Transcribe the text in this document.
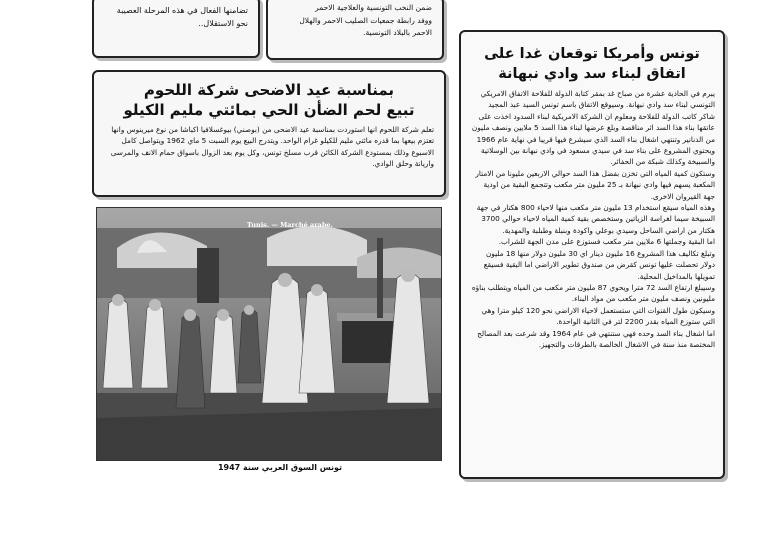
تضامنها الفعال في هذه المرحلة العصيبة

نحو الاستقلال..

ضمن النخب التونسية والعلاجية الاحمر

ووفد رابطة جمعيات الصليب الاحمر والهلال

الاحمر بالبلاد التونسية.

بمناسبة عيد الاضحى شركة اللحوم
تبيع لحم الضأن الحي بمائتي مليم الكيلو

تعلم شركة اللحوم انها استوردت بمناسبة عيد الاضحى من (بوصني) بيوغسلافيا اكباشا من نوع ميرينوس وانها تعتزم بيعها بما قدره مائتي مليم للكيلو غرام الواحد. ويتدرج البيع يوم السبت 5 ماي 1962 ويتواصل كامل الاسبوع وذلك بمستودع الشركة الكائن قرب مسلخ تونس، وكل يوم بعد الزوال باسواق حمام الانف والمرسى واريانة وحلق الوادي.

Tunis. — Marché arabe.
تونس السوق العربي سنة 1947
تونس وأمريكا توقعان غدا على
اتفاق لبناء سد وادي نبهانة

يبرم في الحادية عشرة من صباح غد بمقر كتابة الدولة للفلاحة الاتفاق الامريكي التونسي لبناء سد وادي نبهانة. وسيوقع الاتفاق باسم تونس السيد عبد المجيد شاكر كاتب الدولة للفلاحة ومعلوم ان الشركة الامريكية لبناء السدود اخذت على عاتقها بناء هذا السد اثر مناقصة وبلغ عرضها لبناء هذا السد 5 ملايين ونصف مليون من الدنانير وتنتهي اشغال بناء السد الذي سيشرع فيها قريبا في نهاية عام 1966 ويحتوي المشروع على بناء سد في سيدي مسعود في وادي نبهانة بين الوسلاتية والسبيخة وكذلك شبكة من الحفائر.

وستكون كمية المياه التي تخزن بفضل هذا السد حوالي الاربعين مليونا من الامتار المكعبة يسهم فيها وادي نبهانة بـ 25 مليون متر مكعب وتتجمع البقية من اودية جهة القيروان الاخرى.

وهذه المياه سيقع استخدام 13 مليون متر مكعب منها لاحياء 800 هكتار في جهة السبيخة سيما لغراسة الزياتين وستخصص بقية كمية المياه لاحياء حوالي 3700 هكتار من اراضي الساحل وسيدي بوعلي واكودة وبنبلة وطبلبة والمهدية.

اما البقية وجملتها 6 ملايين متر مكعب فستوزع على مدن الجهة للشراب.

وتبلغ تكاليف هذا المشروع 16 مليون دينار اي 30 مليون دولار منها 18 مليون دولار تحصلت عليها تونس كقرض من صندوق تطوير الاراضي اما البقية فسيقع تمويلها بالمداخيل المحلية.

وسيبلغ ارتفاع السد 72 مترا ويحوي 87 مليون متر مكعب من المياه ويتطلب بناؤه مليونين ونصف مليون متر مكعب من مواد البناء.

وسيكون طول القنوات التي ستستعمل لاحياء الاراضي نحو 120 كيلو مترا وهي التي ستوزع المياه بقدر 2200 لتر في الثانية الواحدة.

اما اشغال بناء السد وحده فهي ستنتهي في عام 1964 وقد شرعت بعد المصالح المختصة منذ سنة في الاشغال الخالصة بالطرقات والتجهيز.
